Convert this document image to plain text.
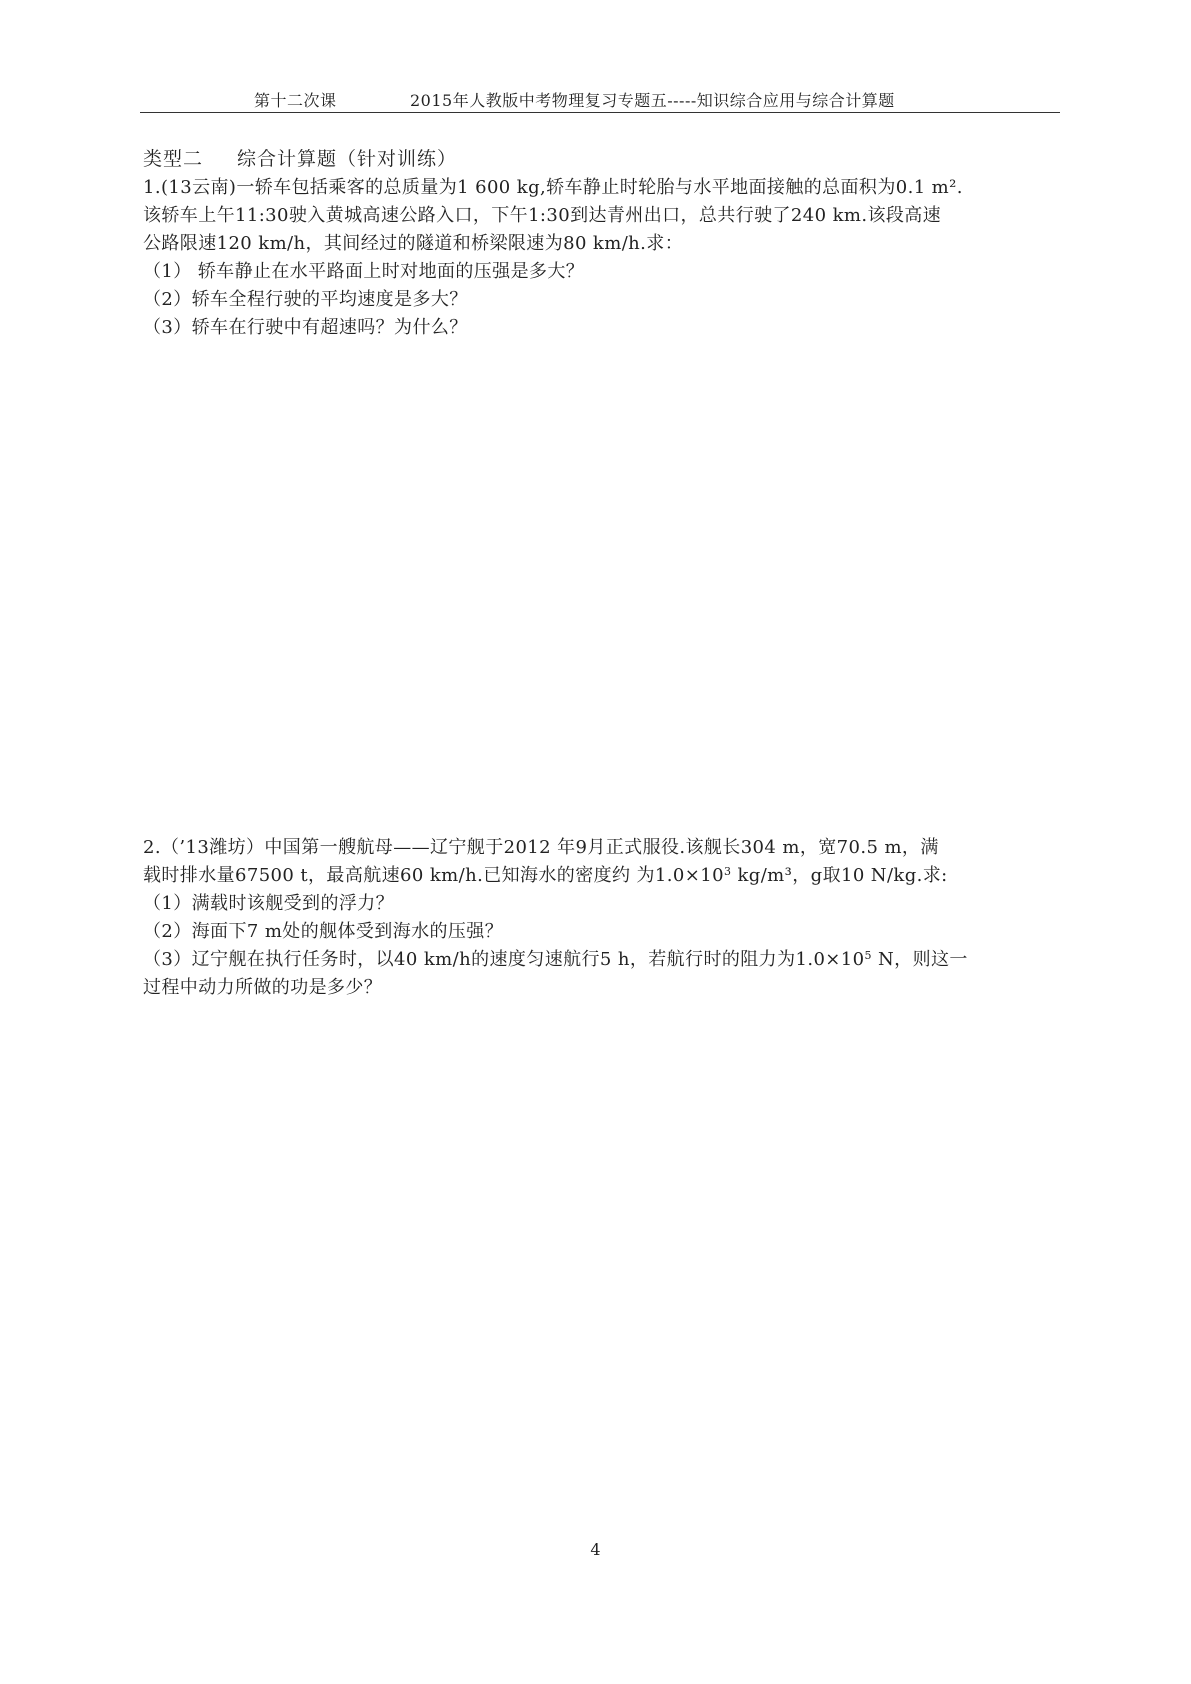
第十二次课	2015年人教版中考物理复习专题五-----知识综合应用与综合计算题
类型二 综合计算题（针对训练）

1.(13云南)一轿车包括乘客的总质量为1 600 kg,轿车静止时轮胎与水平地面接触的总面积为0.1 m².

该轿车上午11:30驶入黄城高速公路入口，下午1:30到达青州出口，总共行驶了240 km.该段高速

公路限速120 km/h，其间经过的隧道和桥梁限速为80 km/h.求：

（1） 轿车静止在水平路面上时对地面的压强是多大？

（2）轿车全程行驶的平均速度是多大？

（3）轿车在行驶中有超速吗？为什么？

2.（’13潍坊）中国第一艘航母——辽宁舰于2012 年9月正式服役.该舰长304 m，宽70.5 m，满

载时排水量67500 t，最高航速60 km/h.已知海水的密度约 为$1.0\times 10^3$ kg/m³，g取10 N/kg.求:

（1）满载时该舰受到的浮力？

（2）海面下7 m处的舰体受到海水的压强？

（3）辽宁舰在执行任务时，以40 km/h的速度匀速航行5 h，若航行时的阻力为$1.0\times 10^5$ N，则这一

过程中动力所做的功是多少？

4
